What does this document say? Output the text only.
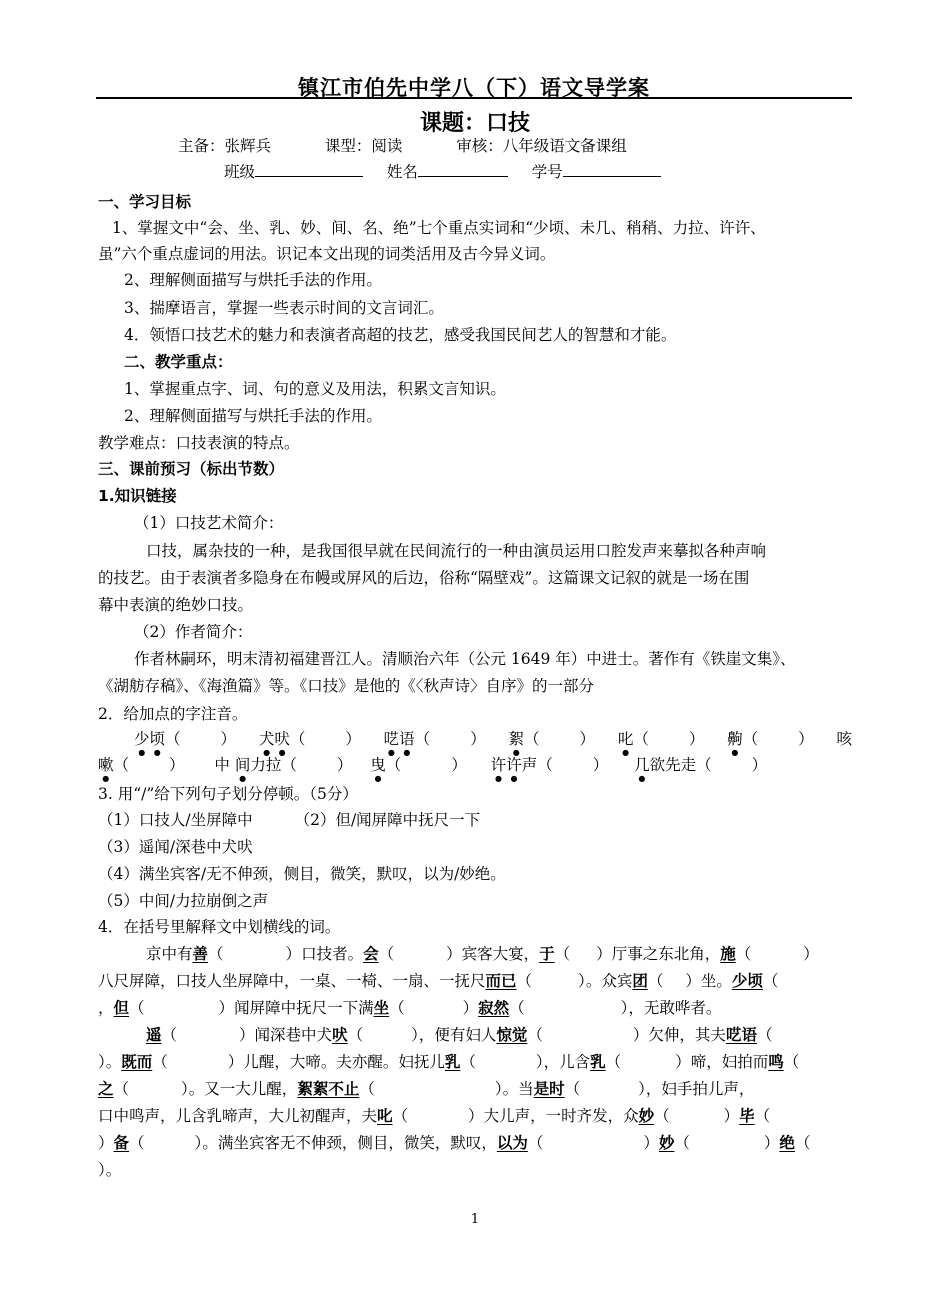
镇江市伯先中学八（下）语文导学案
课题：口技
主备：张辉兵	课型：阅读	审核：八年级语文备课组
班级	姓名	学号
一、学习目标
1、掌握文中“会、坐、乳、妙、间、名、绝”七个重点实词和“少顷、未几、稍稍、力拉、许许、
虽”六个重点虚词的用法。识记本文出现的词类活用及古今异义词。
2、理解侧面描写与烘托手法的作用。
3、揣摩语言，掌握一些表示时间的文言词汇。
4．领悟口技艺术的魅力和表演者高超的技艺，感受我国民间艺人的智慧和才能。
二、教学重点：
1、掌握重点字、词、句的意义及用法，积累文言知识。
2、理解侧面描写与烘托手法的作用。
教学难点：口技表演的特点。
三、课前预习（标出节数）
1.知识链接
（1）口技艺术简介：
口技，属杂技的一种，是我国很早就在民间流行的一种由演员运用口腔发声来摹拟各种声响
的技艺。由于表演者多隐身在布幔或屏风的后边，俗称“隔壁戏”。这篇课文记叙的就是一场在围
幕中表演的绝妙口技。
（2）作者简介：
作者林嗣环，明末清初福建晋江人。清顺治六年（公元 1649 年）中进士。著作有《铁崖文集》、
《湖舫存稿》、《海渔篇》等。《口技》是他的《〈秋声诗〉自序》的一部分
2．给加点的字注音。
少顷（	） 犬吠（	） 呓语（	） 絮（	） 叱（	） 齁（	） 咳
嗽（	）  中 间力拉（	）  曳（	）  许许声（	）  几欲先走（	）
3. 用“/”给下列句子划分停顿。（5分）
（1）口技人/坐屏障中	（2）但/闻屏障中抚尺一下
（3）遥闻/深巷中犬吠
（4）满坐宾客/无不伸颈，侧目，微笑，默叹，以为/妙绝。
（5）中间/力拉崩倒之声
4．在括号里解释文中划横线的词。
京中有善（	）口技者。会（	）宾客大宴，于（ ）厅事之东北角，施（	）
八尺屏障，口技人坐屏障中，一桌、一椅、一扇、一抚尺而已（	）。众宾团（ ）坐。少顷（
，但（	）闻屏障中抚尺一下满坐（	）寂然（	），无敢哗者。
遥（	）闻深巷中犬吠（	），便有妇人惊觉（	）欠伸，其夫呓语（
）。既而（	）儿醒，大啼。夫亦醒。妇抚儿乳（	），儿含乳（	）啼，妇拍而鸣（
之（	）。又一大儿醒，絮絮不止（	）。当是时（	），妇手拍儿声，
口中鸣声，儿含乳啼声，大儿初醒声，夫叱（	）大儿声，一时齐发，众妙（	）毕（
）备（	）。满坐宾客无不伸颈，侧目，微笑，默叹，以为（	）妙（	）绝（
）。
1
